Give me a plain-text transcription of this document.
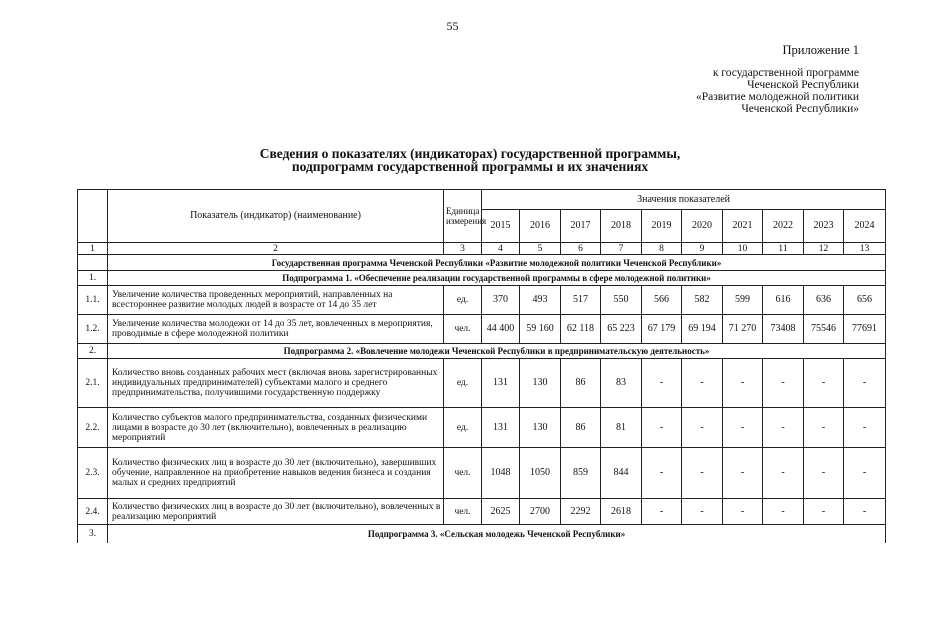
55
Приложение 1
к государственной программе
Чеченской Республики
«Развитие молодежной политики
Чеченской Республики»
Сведения о показателях (индикаторах) государственной программы,
подпрограмм государственной программы и их значениях
	Показатель (индикатор) (наименование)	Единица измерения	Значения показателей									
			2015	2016	2017	2018	2019	2020	2021	2022	2023	2024
1	2	3	4	5	6	7	8	9	10	11	12	13
	Государственная программа Чеченской Республики «Развитие молодежной политики Чеченской Республики»											
1.	Подпрограмма 1. «Обеспечение реализации государственной программы в сфере молодежной политики»											
1.1.	Увеличение количества проведенных мероприятий, направленных на всестороннее развитие молодых людей в возрасте от 14 до 35 лет	ед.	370	493	517	550	566	582	599	616	636	656
1.2.	Увеличение количества молодежи от 14 до 35 лет, вовлеченных в мероприятия, проводимые в сфере молодежной политики	чел.	44 400	59 160	62 118	65 223	67 179	69 194	71 270	73408	75546	77691
2.	Подпрограмма 2. «Вовлечение молодежи Чеченской Республики в предпринимательскую деятельность»											
2.1.	Количество вновь созданных рабочих мест (включая вновь зарегистрированных индивидуальных предпринимателей) субъектами малого и среднего предпринимательства, получившими государственную поддержку	ед.	131	130	86	83	-	-	-	-	-	-
2.2.	Количество субъектов малого предпринимательства, созданных физическими лицами в возрасте до 30 лет (включительно), вовлеченных в реализацию мероприятий	ед.	131	130	86	81	-	-	-	-	-	-
2.3.	Количество физических лиц в возрасте до 30 лет (включительно), завершивших обучение, направленное на приобретение навыков ведения бизнеса и создания малых и средних предприятий	чел.	1048	1050	859	844	-	-	-	-	-	-
2.4.	Количество физических лиц в возрасте до 30 лет (включительно), вовлеченных в реализацию мероприятий	чел.	2625	2700	2292	2618	-	-	-	-	-	-
3.	Подпрограмма 3. «Сельская молодежь Чеченской Республики»											
